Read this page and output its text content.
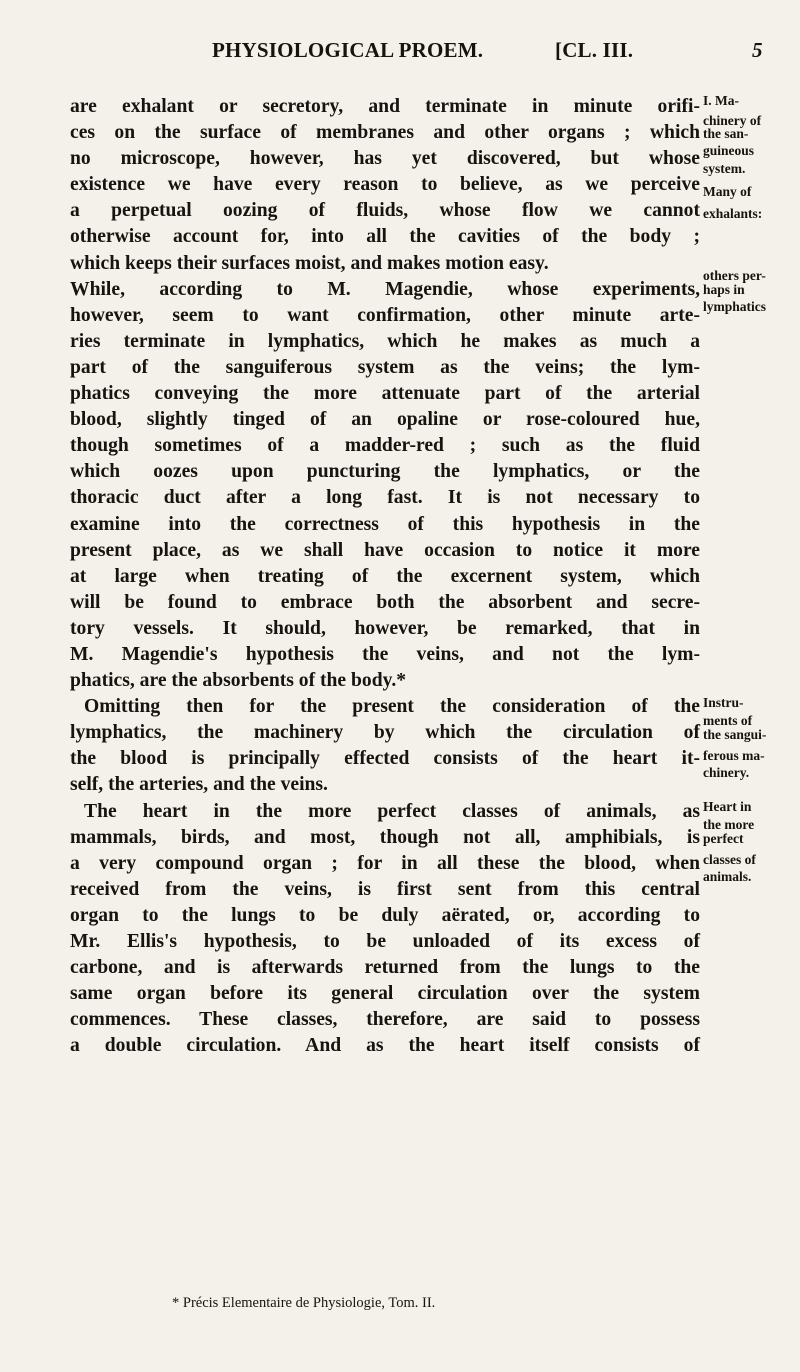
PHYSIOLOGICAL PROEM.	[CL. III.	5
are exhalant or secretory, and terminate in minute orifi-
ces on the surface of membranes and other organs ; which
no microscope, however, has yet discovered, but whose
existence we have every reason to believe, as we perceive
a perpetual oozing of fluids, whose flow we cannot
otherwise account for, into all the cavities of the body ;
which keeps their surfaces moist, and makes motion easy.
While, according to M. Magendie, whose experiments,
however, seem to want confirmation, other minute arte-
ries terminate in lymphatics, which he makes as much a
part of the sanguiferous system as the veins; the lym-
phatics conveying the more attenuate part of the arterial
blood, slightly tinged of an opaline or rose-coloured hue,
though sometimes of a madder-red ; such as the fluid
which oozes upon puncturing the lymphatics, or the
thoracic duct after a long fast. It is not necessary to
examine into the correctness of this hypothesis in the
present place, as we shall have occasion to notice it more
at large when treating of the excernent system, which
will be found to embrace both the absorbent and secre-
tory vessels. It should, however, be remarked, that in
M. Magendie's hypothesis the veins, and not the lym-
phatics, are the absorbents of the body.*
Omitting then for the present the consideration of the
lymphatics, the machinery by which the circulation of
the blood is principally effected consists of the heart it-
self, the arteries, and the veins.
The heart in the more perfect classes of animals, as
mammals, birds, and most, though not all, amphibials, is
a very compound organ ; for in all these the blood, when
received from the veins, is first sent from this central
organ to the lungs to be duly aërated, or, according to
Mr. Ellis's hypothesis, to be unloaded of its excess of
carbone, and is afterwards returned from the lungs to the
same organ before its general circulation over the system
commences. These classes, therefore, are said to possess
a double circulation. And as the heart itself consists of
I. Ma-
chinery of
the san-
guineous
system.
Many of
exhalants:
others per-
haps in
lymphatics
Instru-
ments of
the sangui-
ferous ma-
chinery.
Heart in
the more
perfect
classes of
animals.
* Précis Elementaire de Physiologie, Tom. II.
